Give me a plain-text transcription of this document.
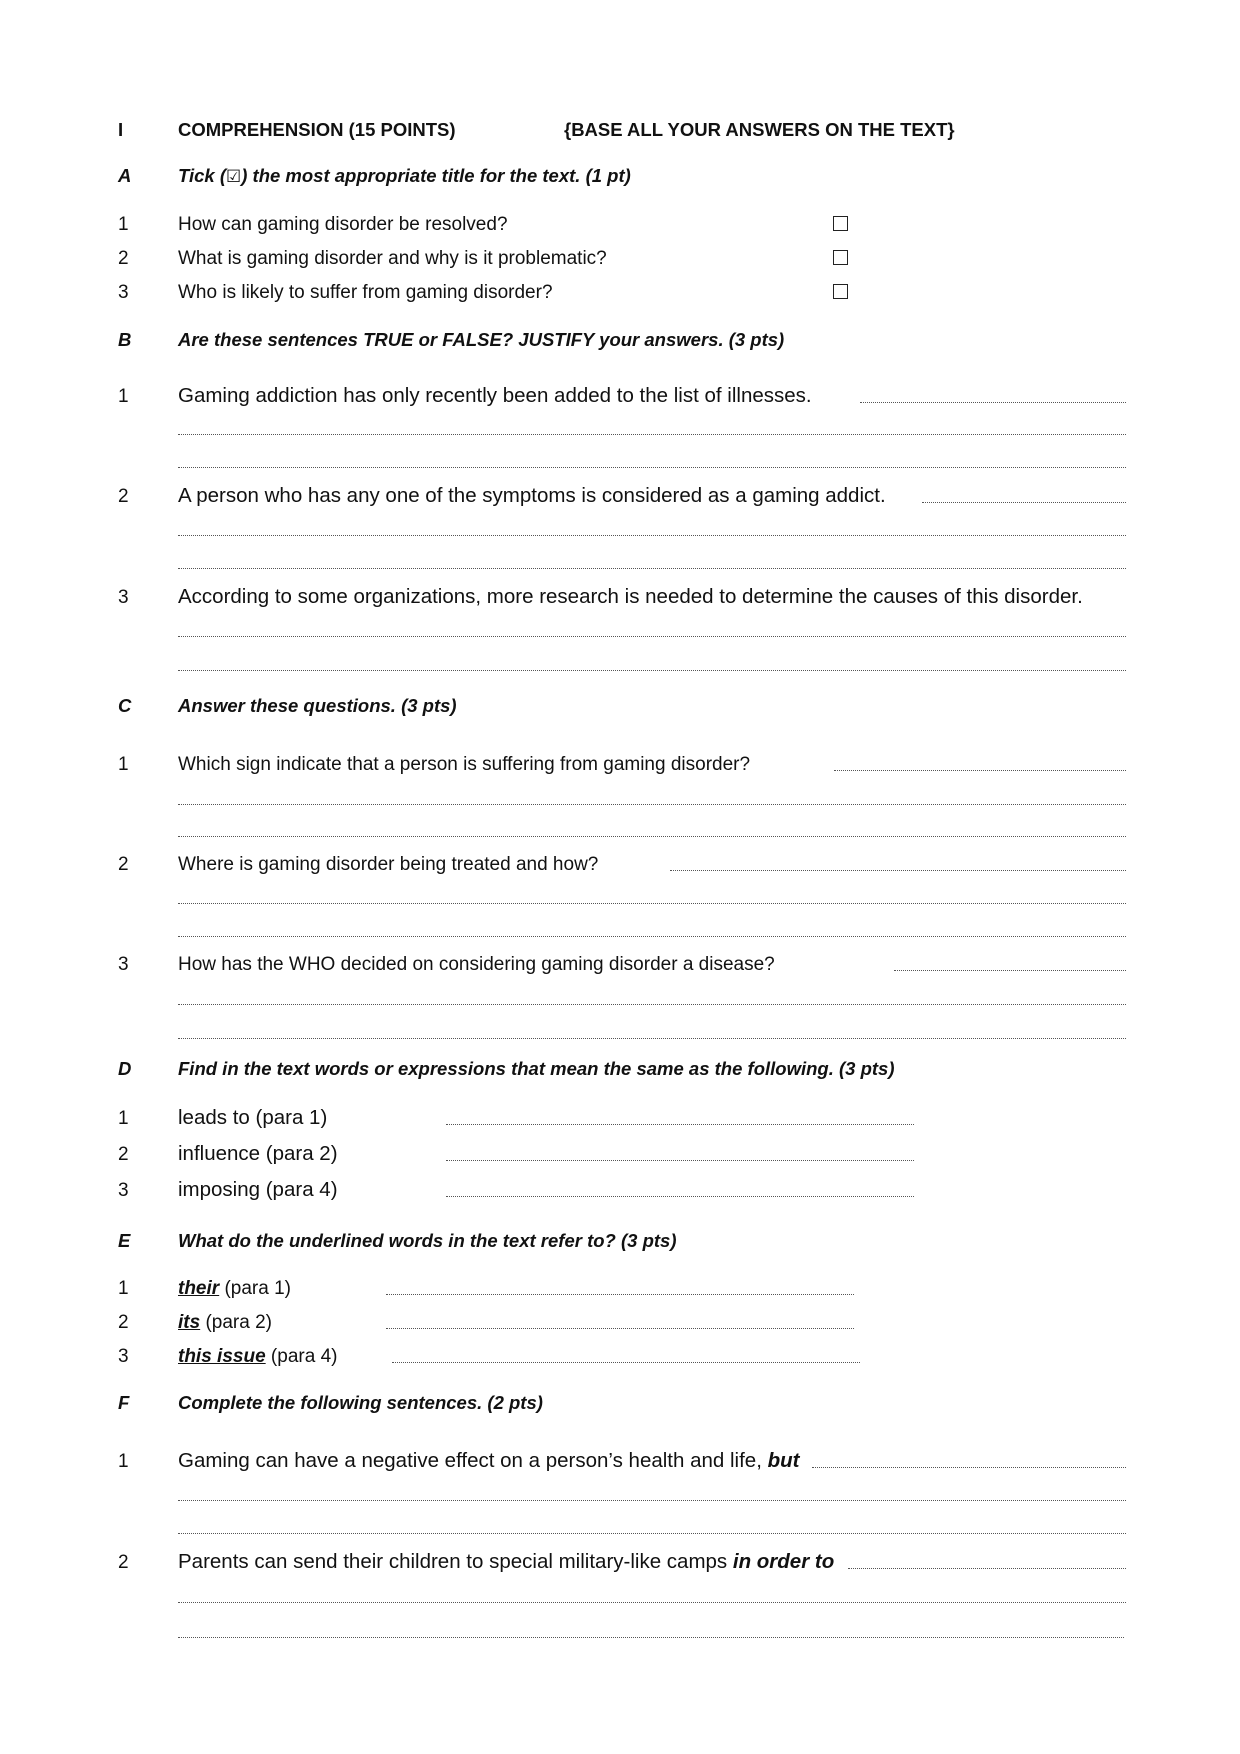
I	COMPREHENSION (15 POINTS)	{BASE ALL YOUR ANSWERS ON THE TEXT}
A	Tick (☑) the most appropriate title for the text. (1 pt)
1	How can gaming disorder be resolved?
2	What is gaming disorder and why is it problematic?
3	Who is likely to suffer from gaming disorder?
B	Are these sentences TRUE or FALSE? JUSTIFY your answers. (3 pts)
1 Gaming addiction has only recently been added to the list of illnesses.
2 A person who has any one of the symptoms is considered as a gaming addict.
3 According to some organizations, more research is needed to determine the causes of this disorder.
C	Answer these questions. (3 pts)
1	Which sign indicate that a person is suffering from gaming disorder?
2	Where is gaming disorder being treated and how?
3	How has the WHO decided on considering gaming disorder a disease?
D	Find in the text words or expressions that mean the same as the following. (3 pts)
1 leads to (para 1)
2 influence (para 2)
3 imposing (para 4)
E	What do the underlined words in the text refer to? (3 pts)
1	their (para 1)
2	its (para 2)
3	this issue (para 4)
F	Complete the following sentences. (2 pts)
1 Gaming can have a negative effect on a person’s health and life, but
2 Parents can send their children to special military-like camps in order to
